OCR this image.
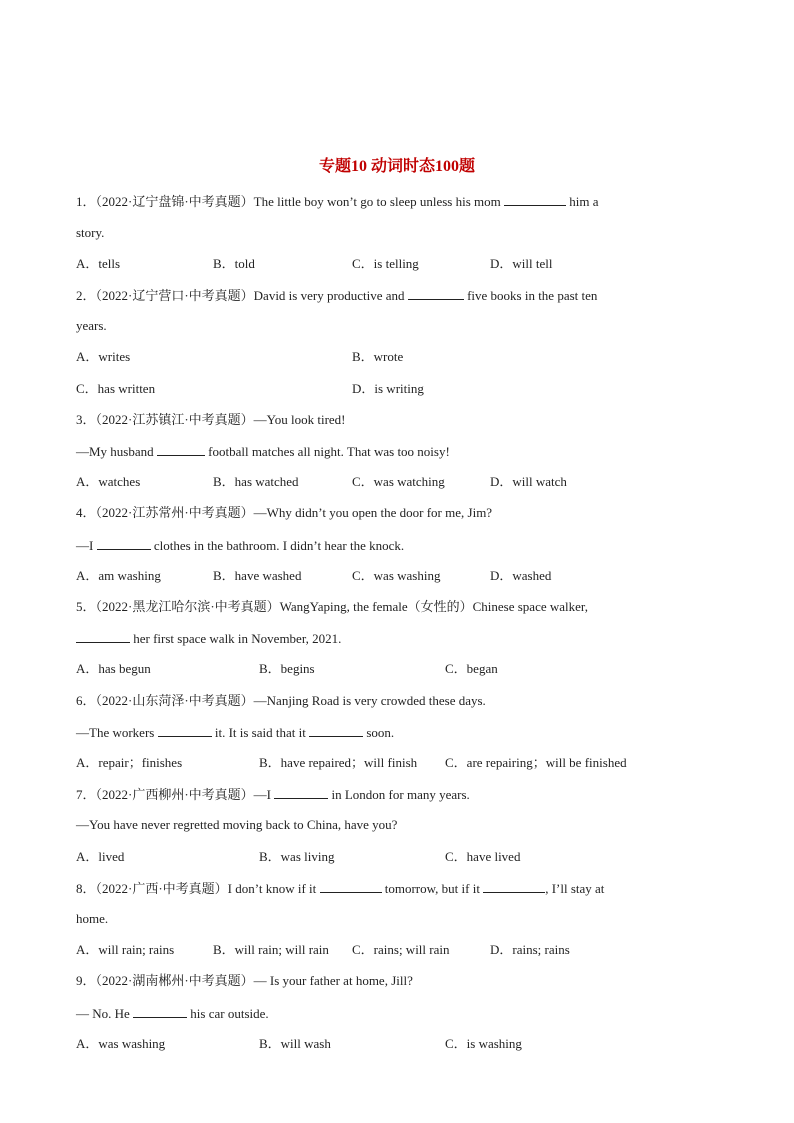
专题10 动词时态100题
1．（2022·辽宁盘锦·中考真题）The little boy won’t go to sleep unless his mom	him a
story.
A．tells	B．told	C．is telling	D．will tell
2．（2022·辽宁营口·中考真题）David is very productive and	five books in the past ten
years.
A．writes	B．wrote
C．has written	D．is writing
3．（2022·江苏镇江·中考真题）—You look tired!
—My husband	football matches all night. That was too noisy!
A．watches	B．has watched	C．was watching	D．will watch
4．（2022·江苏常州·中考真题）—Why didn’t you open the door for me, Jim?
—I	clothes in the bathroom. I didn’t hear the knock.
A．am washing	B．have washed	C．was washing	D．washed
5．（2022·黑龙江哈尔滨·中考真题）WangYaping, the female（女性的）Chinese space walker,
her first space walk in November, 2021.
A．has begun	B．begins	C．began
6．（2022·山东菏泽·中考真题）—Nanjing Road is very crowded these days.
—The workers	it. It is said that it	soon.
A．repair；finishes	B．have repaired；will finish C．are repairing；will be finished
7．（2022·广西柳州·中考真题）—I	in London for many years.
—You have never regretted moving back to China, have you?
A．lived	B．was living	C．have lived
8．（2022·广西·中考真题）I don’t know if it	tomorrow, but if it	, I’ll stay at
home.
A．will rain; rains	B．will rain; will rain C．rains; will rain	D．rains; rains
9．（2022·湖南郴州·中考真题）— Is your father at home, Jill?
— No. He	his car outside.
A．was washing	B．will wash	C．is washing
